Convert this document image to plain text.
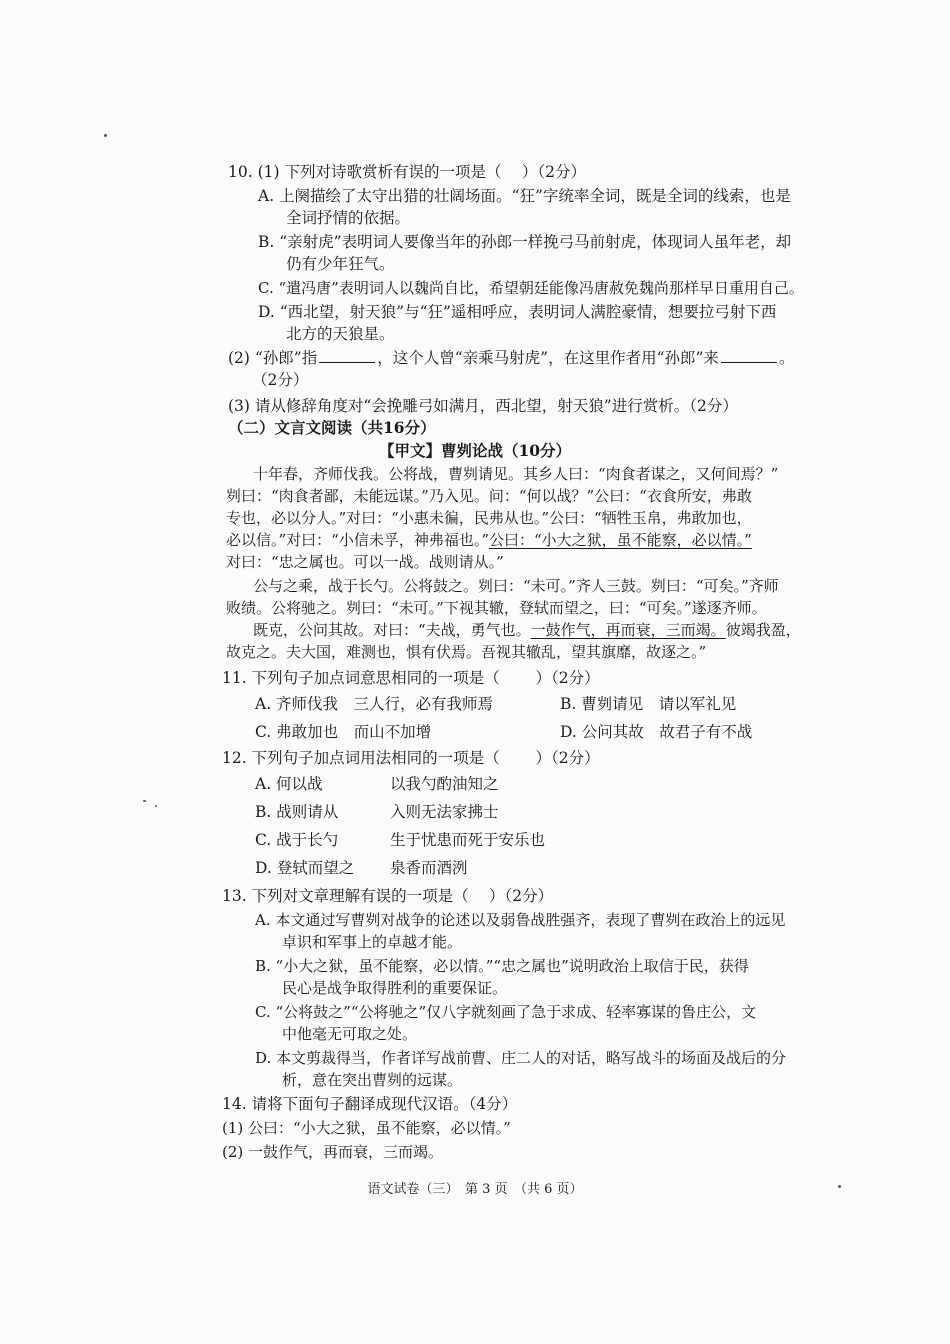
10. (1) 下列对诗歌赏析有误的一项是（　 ）（2分）
A. 上阕描绘了太守出猎的壮阔场面。“狂”字统率全词，既是全词的线索，也是
全词抒情的依据。
B. “亲射虎”表明词人要像当年的孙郎一样挽弓马前射虎，体现词人虽年老，却
仍有少年狂气。
C. “遣冯唐”表明词人以魏尚自比，希望朝廷能像冯唐赦免魏尚那样早日重用自己。
D. “西北望，射天狼”与“狂”遥相呼应，表明词人满腔豪情，想要拉弓射下西
北方的天狼星。
(2) “孙郎”指	，这个人曾“亲乘马射虎”，在这里作者用“孙郎”来	。
（2分）
(3) 请从修辞角度对“会挽雕弓如满月，西北望，射天狼”进行赏析。（2分）
（二）文言文阅读（共16分）
【甲文】曹刿论战（10分）
十年春，齐师伐我。公将战，曹刿请见。其乡人曰：“肉食者谋之，又何间焉？”
刿曰：“肉食者鄙，未能远谋。”乃入见。问：“何以战？”公曰：“衣食所安，弗敢
专也，必以分人。”对曰：“小惠未徧，民弗从也。”公曰：“牺牲玉帛，弗敢加也，
必以信。”对曰：“小信未孚，神弗福也。”公曰：“小大之狱，虽不能察，必以情。”
对曰：“忠之属也。可以一战。战则请从。”
公与之乘，战于长勺。公将鼓之。刿曰：“未可。”齐人三鼓。刿曰：“可矣。”齐师
败绩。公将驰之。刿曰：“未可。”下视其辙，登轼而望之，曰：“可矣。”遂逐齐师。
既克，公问其故。对曰：“夫战，勇气也。一鼓作气，再而衰，三而竭。彼竭我盈，
故克之。夫大国，难测也，惧有伏焉。吾视其辙乱，望其旗靡，故逐之。”
11. 下列句子加点词意思相同的一项是（　　 ）（2分）
A. 齐师伐我　三人行，必有我师焉	B. 曹刿请见　请以军礼见
C. 弗敢加也　而山不加增	D. 公问其故　故君子有不战
12. 下列句子加点词用法相同的一项是（　　 ）（2分）
A. 何以战	以我勺酌油知之
B. 战则请从	入则无法家拂士
C. 战于长勺	生于忧患而死于安乐也
D. 登轼而望之 泉香而酒洌
13. 下列对文章理解有误的一项是（　 ）（2分）
A. 本文通过写曹刿对战争的论述以及弱鲁战胜强齐，表现了曹刿在政治上的远见
卓识和军事上的卓越才能。
B. “小大之狱，虽不能察，必以情。”“忠之属也”说明政治上取信于民，获得
民心是战争取得胜利的重要保证。
C. “公将鼓之”“公将驰之”仅八字就刻画了急于求成、轻率寡谋的鲁庄公，文
中他毫无可取之处。
D. 本文剪裁得当，作者详写战前曹、庄二人的对话，略写战斗的场面及战后的分
析，意在突出曹刿的远谋。
14. 请将下面句子翻译成现代汉语。（4分）
(1) 公曰：“小大之狱，虽不能察，必以情。”
(2) 一鼓作气，再而衰，三而竭。
语文试卷（三）　第 3 页　（共 6 页）
